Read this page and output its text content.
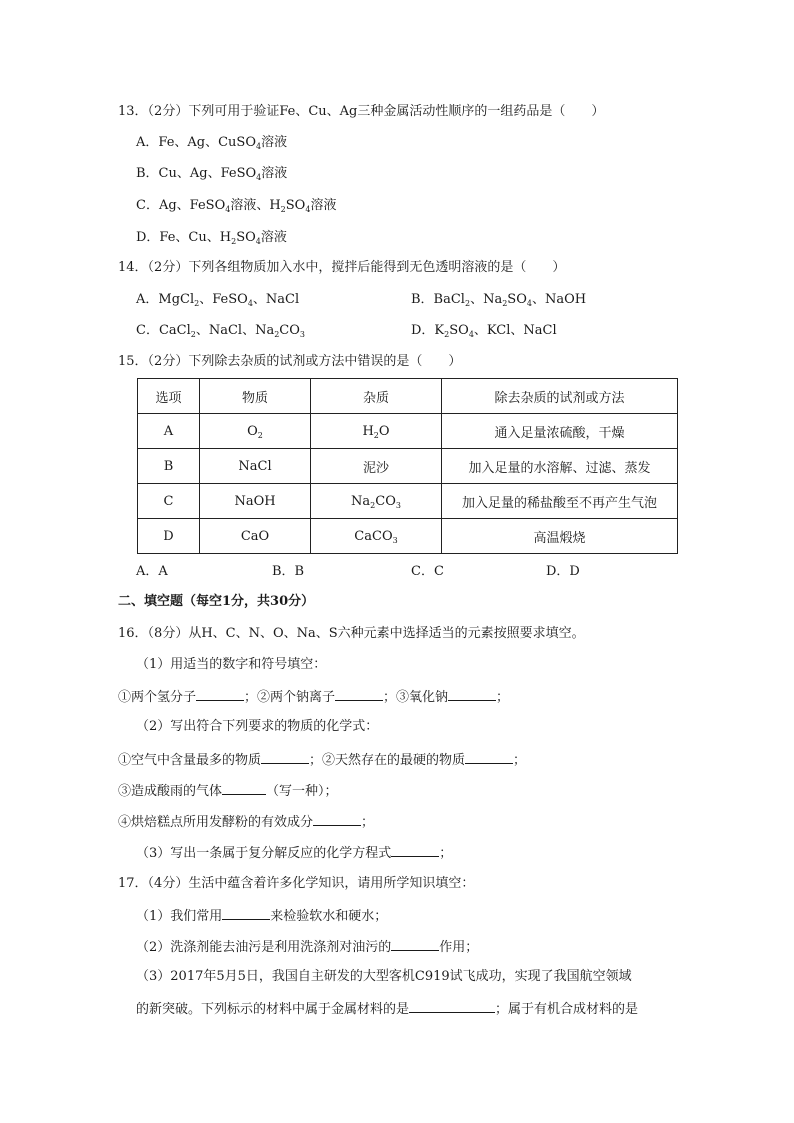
13．（2分）下列可用于验证Fe、Cu、Ag三种金属活动性顺序的一组药品是（　　）
A．Fe、Ag、CuSO$_4$溶液
B．Cu、Ag、FeSO$_4$溶液
C．Ag、FeSO$_4$溶液、$H_2SO_4$溶液
D．Fe、Cu、$H_2SO_4$溶液
14．（2分）下列各组物质加入水中，搅拌后能得到无色透明溶液的是（　　）
A．MgCl$_2$、FeSO$_4$、NaCl	B．BaCl$_2$、$Na_2SO_4$、NaOH
C．CaCl$_2$、NaCl、$Na_2CO_3$	D．$K_2SO_4$、KCl、NaCl
15．（2分）下列除去杂质的试剂或方法中错误的是（　　）
选项	物质	杂质	除去杂质的试剂或方法
A	$O_2$	$H_2O$	通入足量浓硫酸，干燥
B	NaCl	泥沙	加入足量的水溶解、过滤、蒸发
C	NaOH	$Na_2CO_3$	加入足量的稀盐酸至不再产生气泡
D	CaO	CaCO$_3$	高温煅烧
A．A	B．B	C．C	D．D
二、填空题（每空1分，共30分）
16．（8分）从H、C、N、O、Na、S六种元素中选择适当的元素按照要求填空。
（1）用适当的数字和符号填空：
①两个氢分子	；②两个钠离子	；③氧化钠	；
（2）写出符合下列要求的物质的化学式：
①空气中含量最多的物质	；②天然存在的最硬的物质	；
③造成酸雨的气体	（写一种）；
④烘焙糕点所用发酵粉的有效成分	；
（3）写出一条属于复分解反应的化学方程式	；
17．（4分）生活中蕴含着许多化学知识，请用所学知识填空：
（1）我们常用	来检验软水和硬水；
（2）洗涤剂能去油污是利用洗涤剂对油污的	作用；
（3）2017年5月5日，我国自主研发的大型客机C919试飞成功，实现了我国航空领域
的新突破。下列标示的材料中属于金属材料的是	；属于有机合成材料的是
